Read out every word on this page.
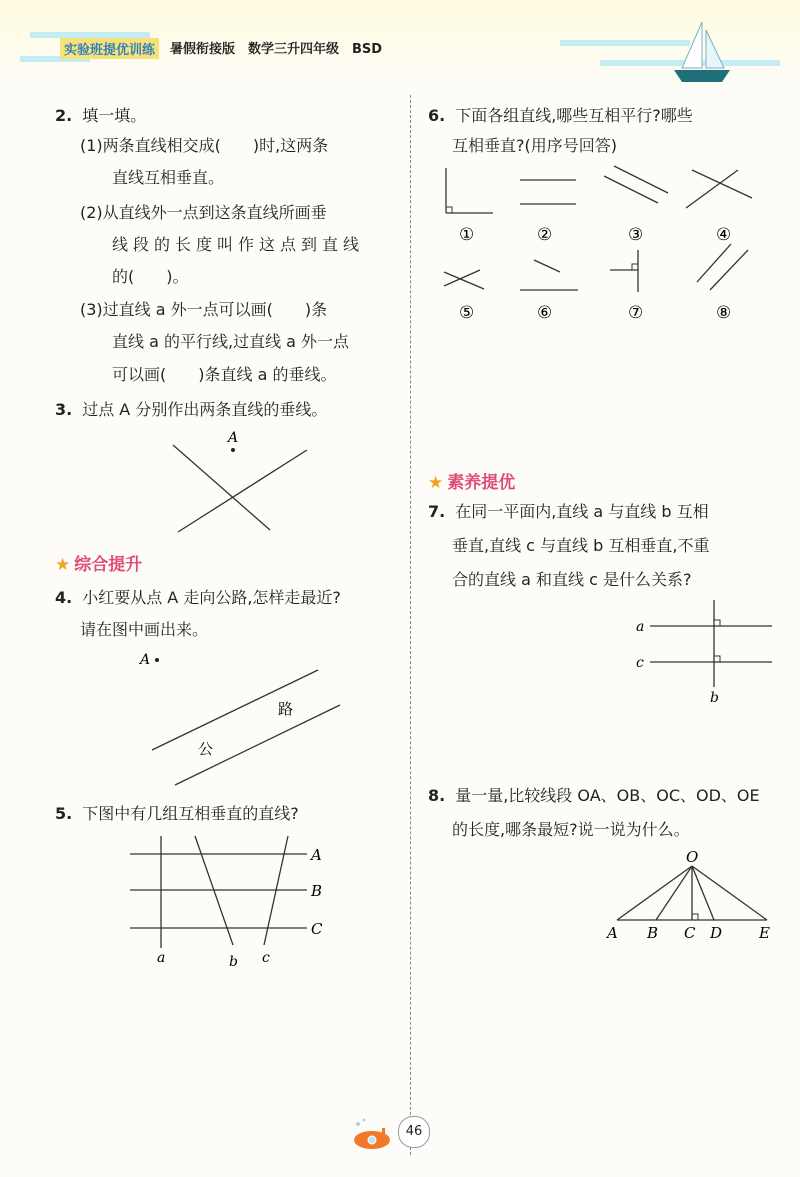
实验班提优训练	暑假衔接版　数学三升四年级　BSD
2. 填一填。
(1)两条直线相交成(　　)时,这两条
直线互相垂直。
(2)从直线外一点到这条直线所画垂
线段的长度叫作这点到直线
的(　　)。
(3)过直线 a 外一点可以画(　　)条
直线 a 的平行线,过直线 a 外一点
可以画(　　)条直线 a 的垂线。
3. 过点 A 分别作出两条直线的垂线。
A
★ 综合提升
4. 小红要从点 A 走向公路,怎样走最近?
请在图中画出来。
A
公
路
5. 下图中有几组互相垂直的直线?
A
B
C
a	b c
6. 下面各组直线,哪些互相平行?哪些
互相垂直?(用序号回答)
①	②	③	④
⑤	⑥	⑦	⑧
★ 素养提优
7. 在同一平面内,直线 a 与直线 b 互相
垂直,直线 c 与直线 b 互相垂直,不重
合的直线 a 和直线 c 是什么关系?
a
c
b
8. 量一量,比较线段 OA、OB、OC、OD、OE
的长度,哪条最短?说一说为什么。
O
A B C D E
46
